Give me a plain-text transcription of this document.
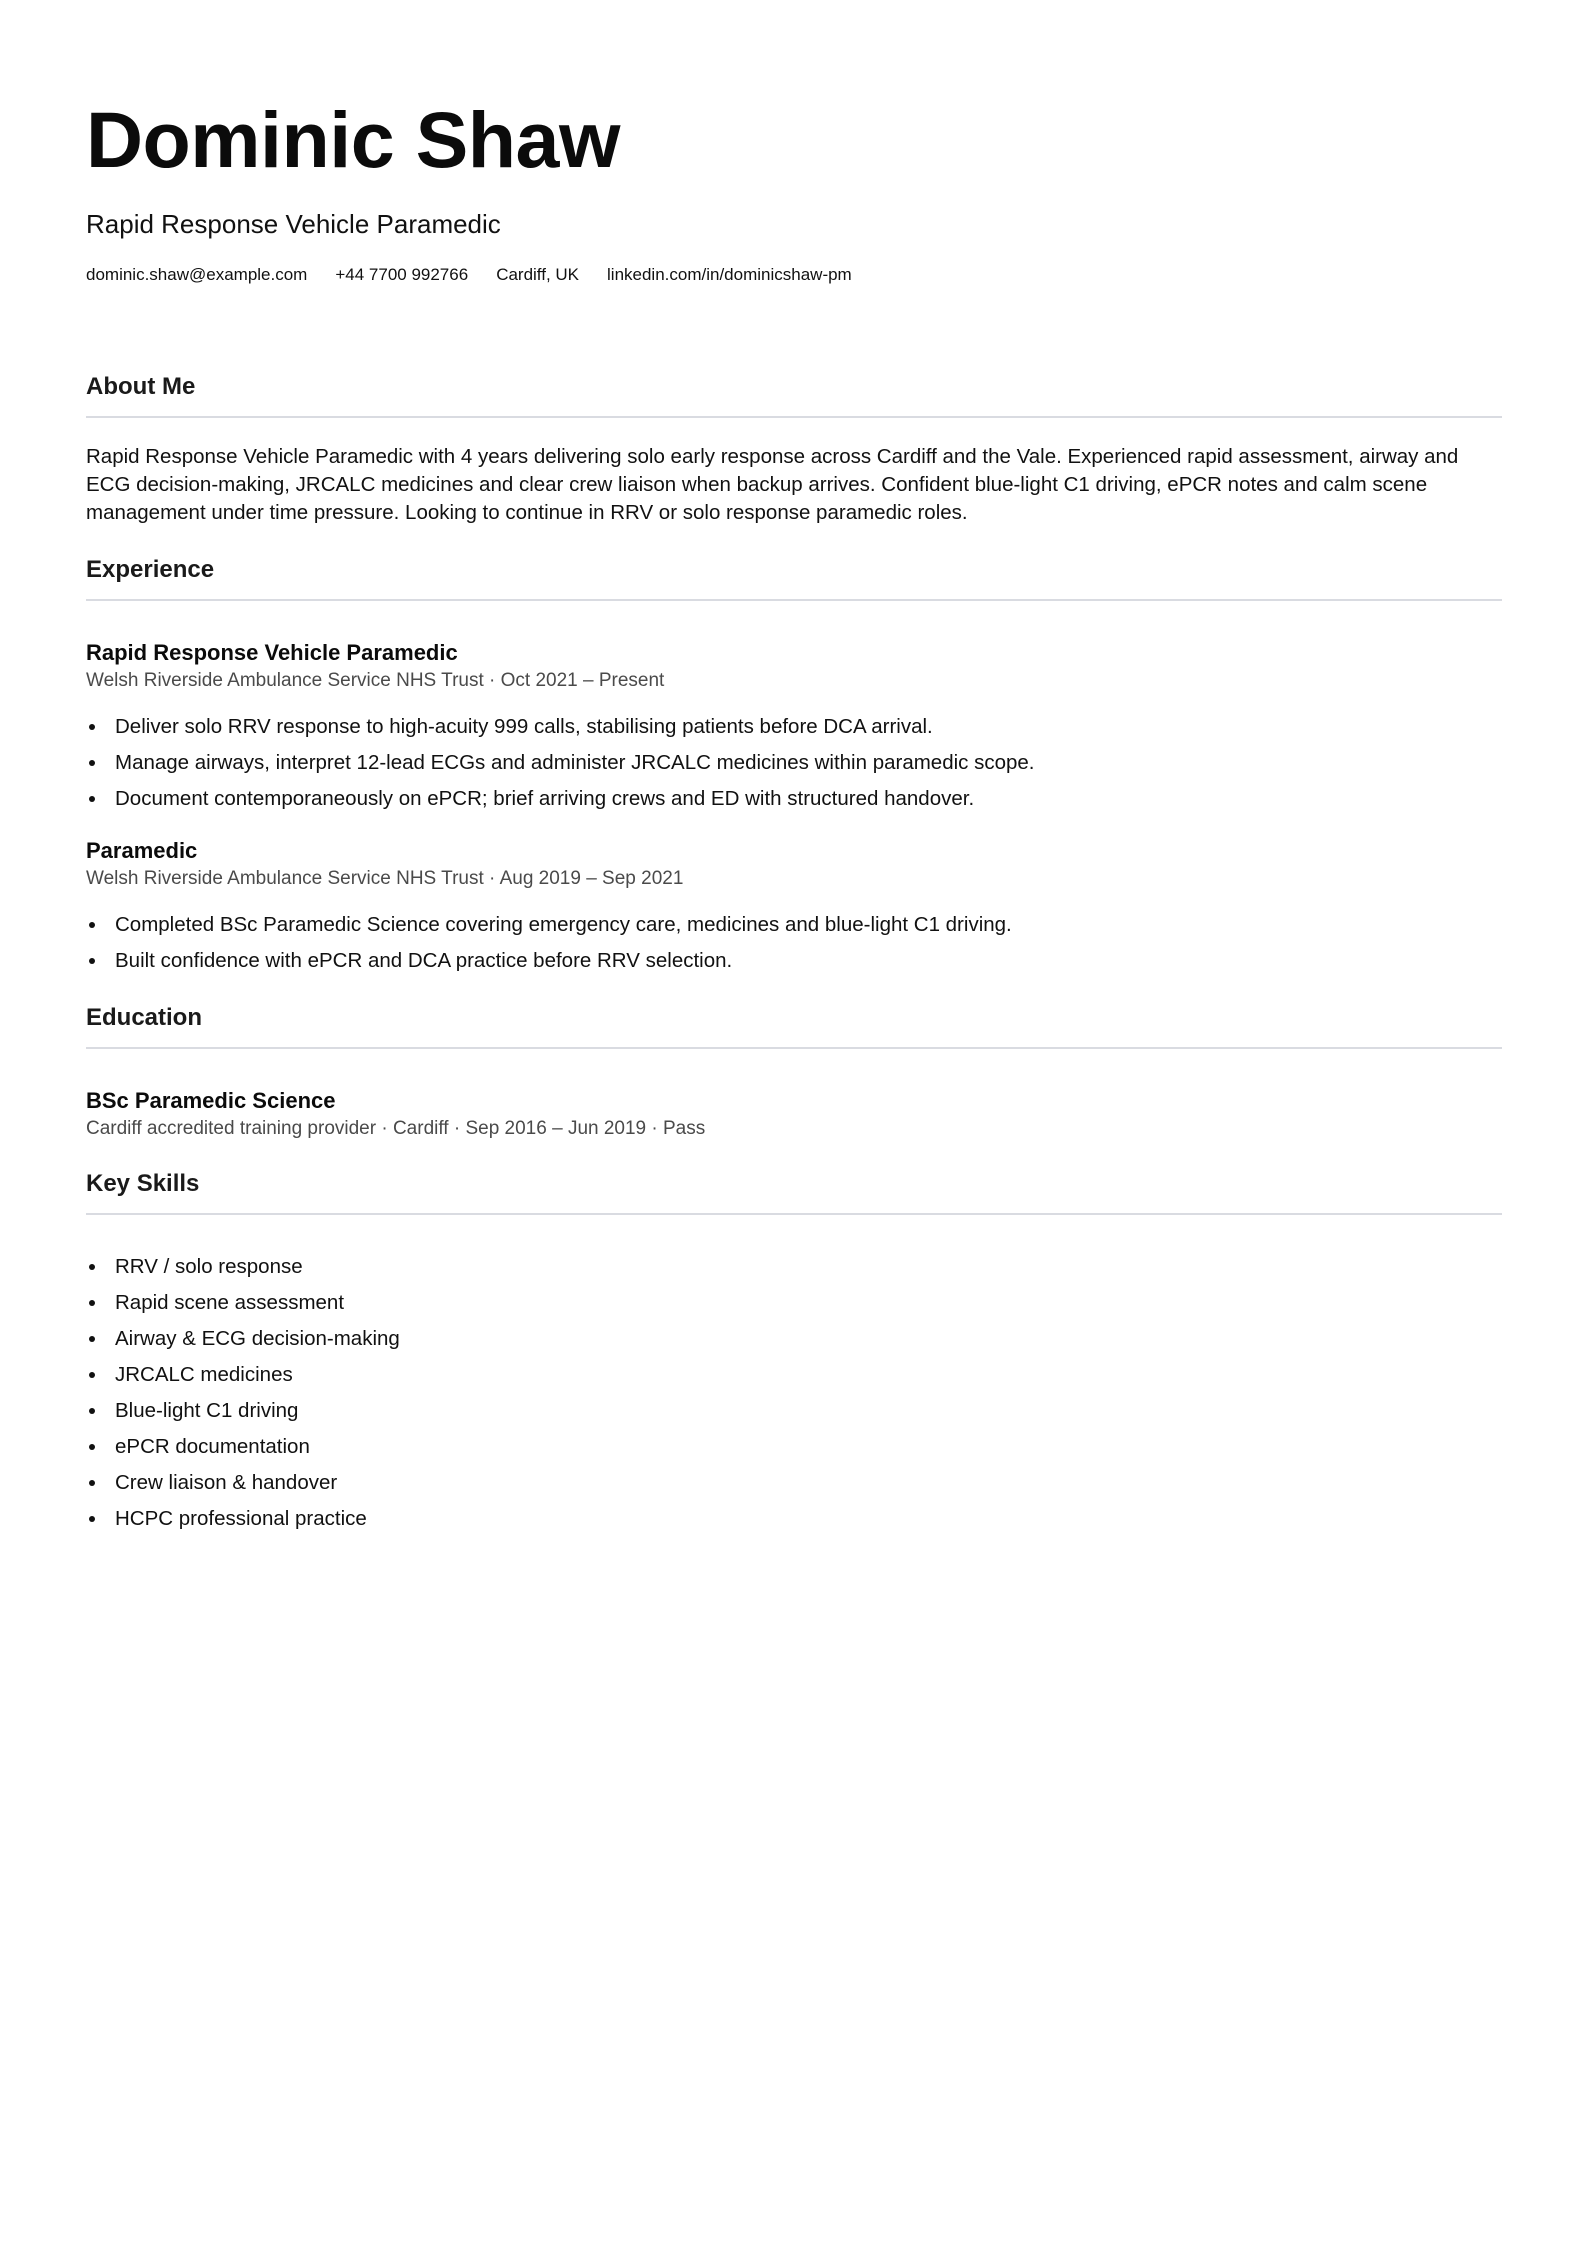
Dominic Shaw
Rapid Response Vehicle Paramedic
dominic.shaw@example.com +44 7700 992766 Cardiff, UK linkedin.com/in/dominicshaw-pm
About Me
Rapid Response Vehicle Paramedic with 4 years delivering solo early response across Cardiff and the Vale. Experienced rapid assessment, airway and ECG decision-making, JRCALC medicines and clear crew liaison when backup arrives. Confident blue-light C1 driving, ePCR notes and calm scene management under time pressure. Looking to continue in RRV or solo response paramedic roles.
Experience
Rapid Response Vehicle Paramedic
Welsh Riverside Ambulance Service NHS Trust · Oct 2021 – Present
Deliver solo RRV response to high-acuity 999 calls, stabilising patients before DCA arrival.
Manage airways, interpret 12-lead ECGs and administer JRCALC medicines within paramedic scope.
Document contemporaneously on ePCR; brief arriving crews and ED with structured handover.
Paramedic
Welsh Riverside Ambulance Service NHS Trust · Aug 2019 – Sep 2021
Completed BSc Paramedic Science covering emergency care, medicines and blue-light C1 driving.
Built confidence with ePCR and DCA practice before RRV selection.
Education
BSc Paramedic Science
Cardiff accredited training provider · Cardiff · Sep 2016 – Jun 2019 · Pass
Key Skills
RRV / solo response
Rapid scene assessment
Airway & ECG decision-making
JRCALC medicines
Blue-light C1 driving
ePCR documentation
Crew liaison & handover
HCPC professional practice
